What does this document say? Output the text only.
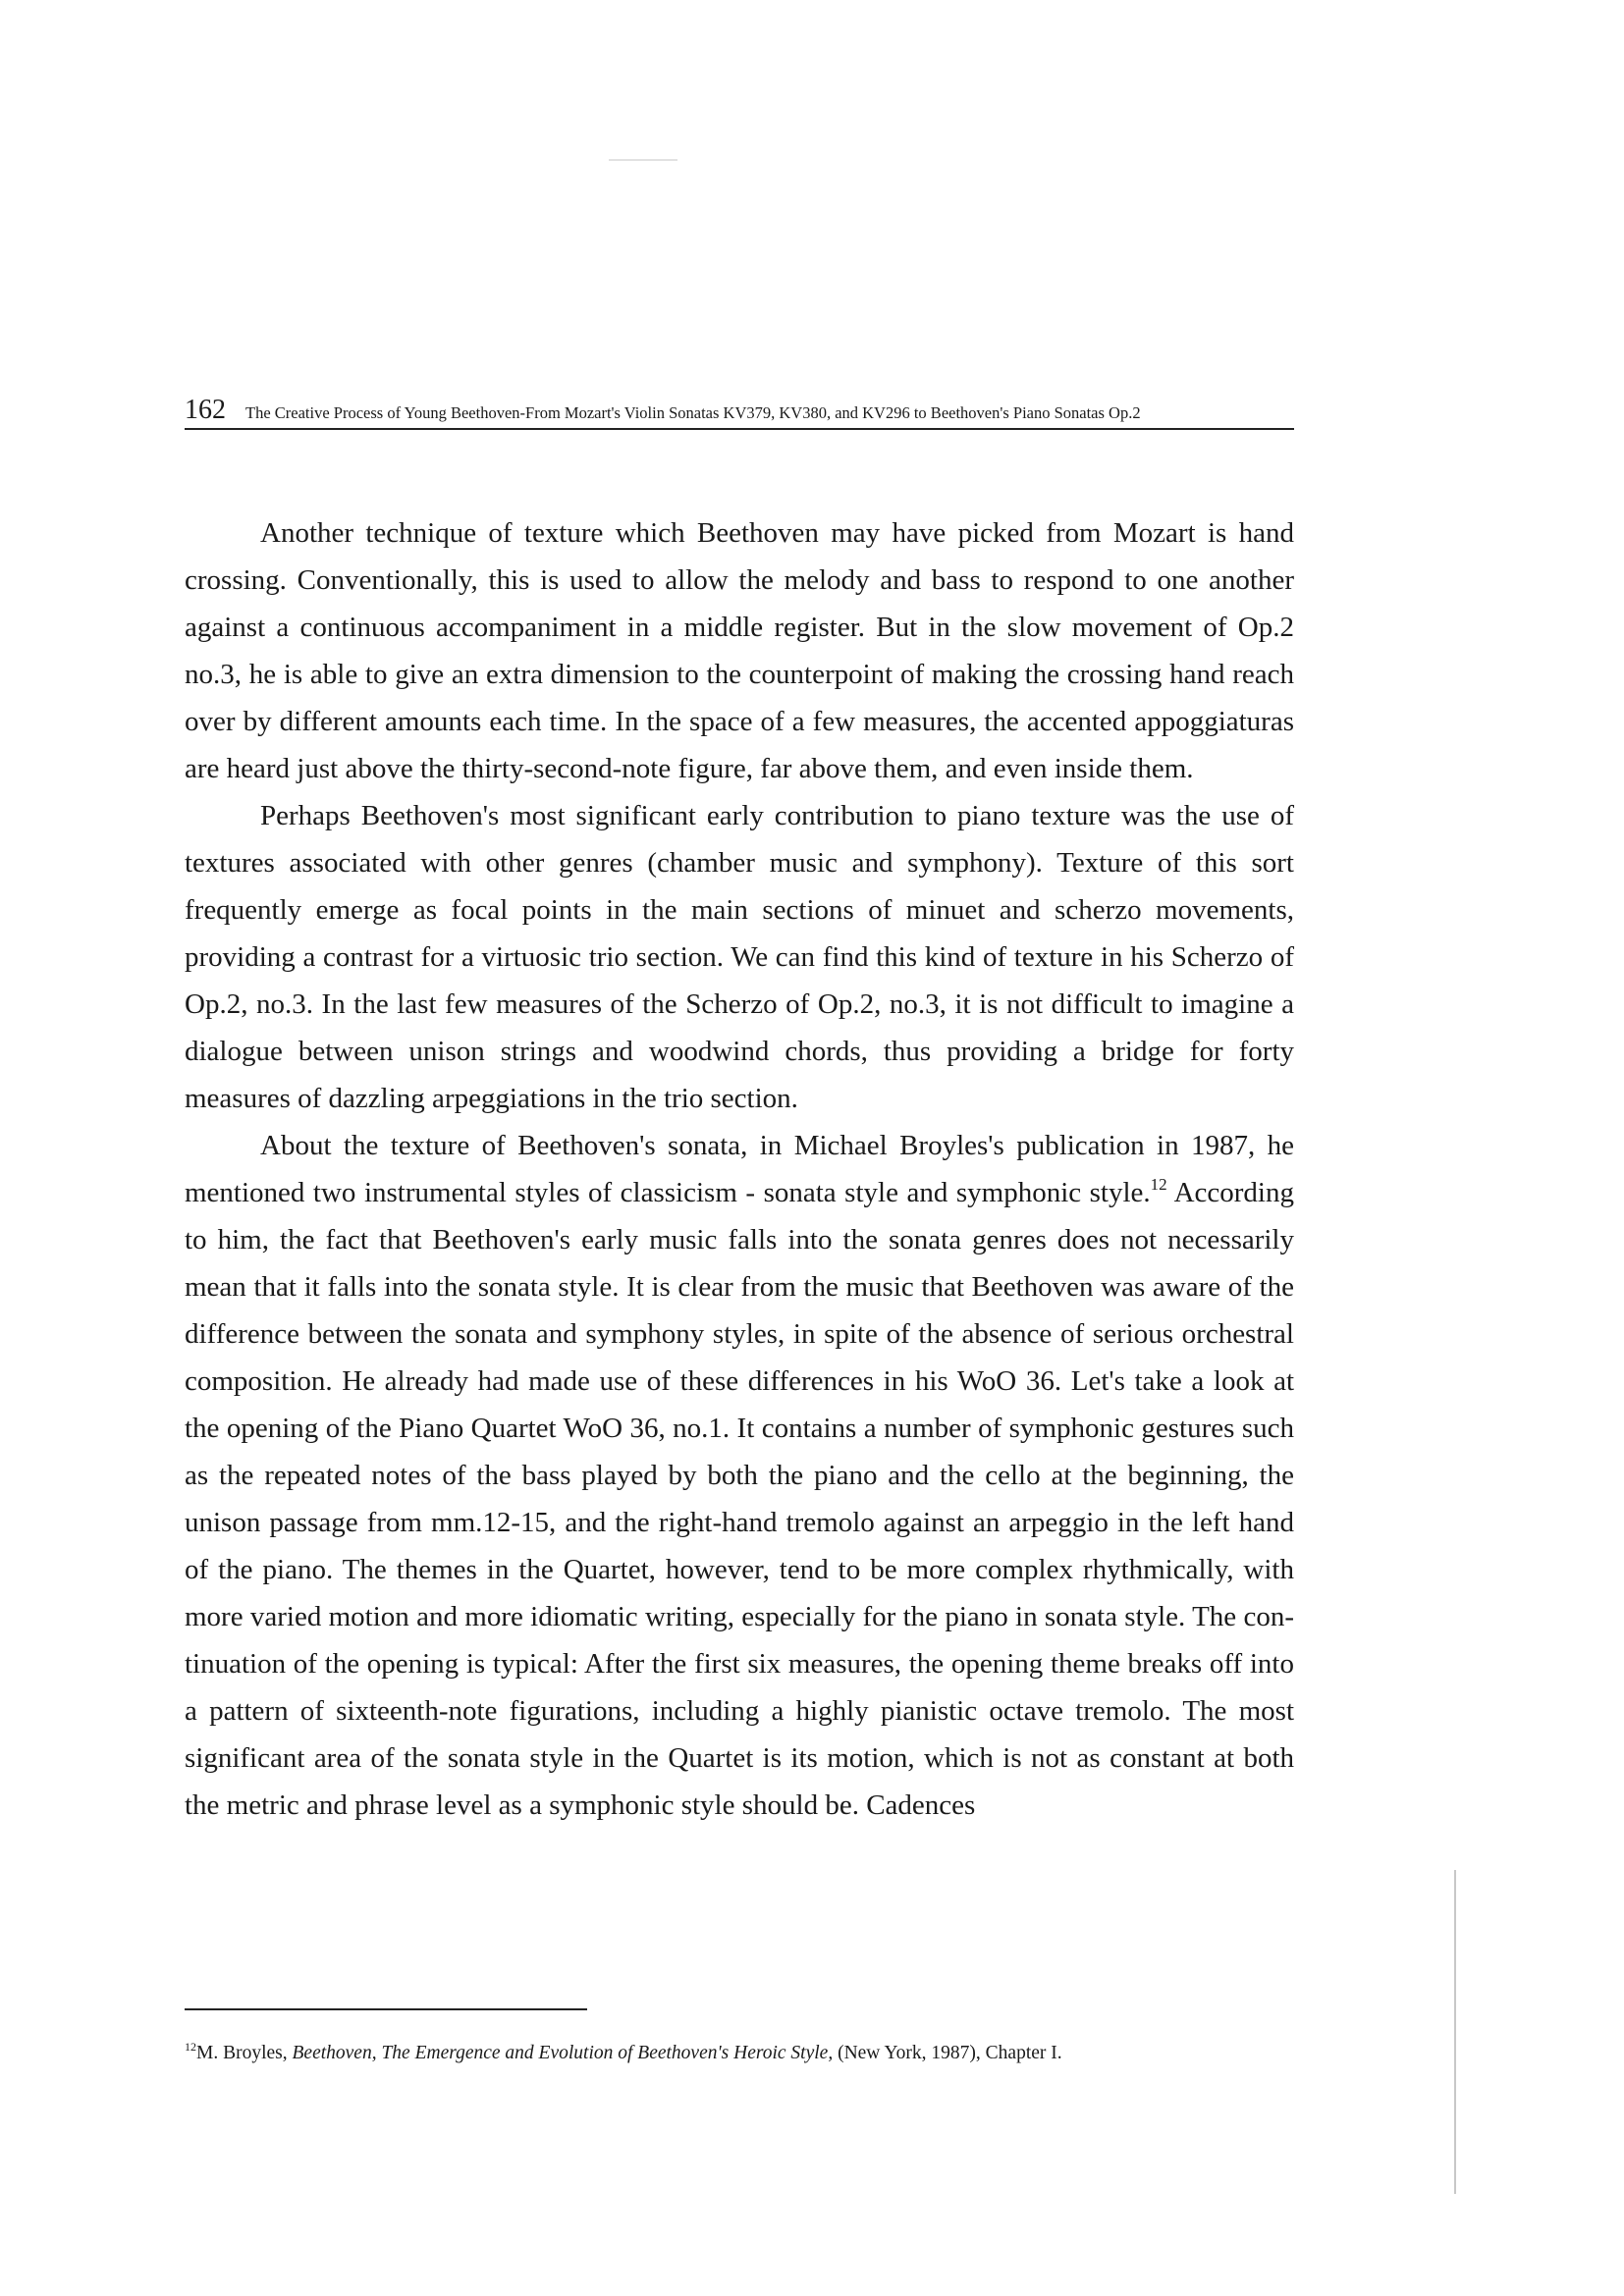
162 The Creative Process of Young Beethoven-From Mozart's Violin Sonatas KV379, KV380, and KV296 to Beethoven's Piano Sonatas Op.2

Another technique of texture which Beethoven may have picked from Mozart is hand crossing. Conventionally, this is used to allow the melody and bass to respond to one another against a continuous accompaniment in a middle register. But in the slow movement of Op.2 no.3, he is able to give an extra dimension to the counterpoint of making the crossing hand reach over by different amounts each time. In the space of a few measures, the accented appoggiaturas are heard just above the thirty-second-note figure, far above them, and even inside them.

Perhaps Beethoven's most significant early contribution to piano texture was the use of textures associated with other genres (chamber music and symphony). Texture of this sort frequently emerge as focal points in the main sections of minuet and scherzo movements, providing a contrast for a virtuosic trio section. We can find this kind of texture in his Scherzo of Op.2, no.3. In the last few measures of the Scherzo of Op.2, no.3, it is not difficult to imagine a dialogue between unison strings and woodwind chords, thus providing a bridge for forty measures of dazzling arpeggiations in the trio section.

About the texture of Beethoven's sonata, in Michael Broyles's publication in 1987, he mentioned two instrumental styles of classicism - sonata style and symphonic style.$^{12}$ According to him, the fact that Beethoven's early music falls into the sonata genres does not necessarily mean that it falls into the sonata style. It is clear from the music that Beethoven was aware of the difference between the sonata and symphony styles, in spite of the absence of serious orchestral composition. He already had made use of these differences in his WoO 36. Let's take a look at the opening of the Piano Quartet WoO 36, no.1. It contains a number of symphonic gestures such as the repeated notes of the bass played by both the piano and the cello at the beginning, the unison passage from mm.12-15, and the right-hand tremolo against an arpeggio in the left hand of the piano. The themes in the Quartet, however, tend to be more complex rhythmically, with more varied motion and more idiomatic writing, especially for the piano in sonata style. The continuation of the opening is typical: After the first six measures, the opening theme breaks off into a pattern of sixteenth-note figurations, including a highly pianistic octave tremolo. The most significant area of the sonata style in the Quartet is its motion, which is not as constant at both the metric and phrase level as a symphonic style should be. Cadences

$^{12}$M. Broyles, Beethoven, The Emergence and Evolution of Beethoven's Heroic Style, (New York, 1987), Chapter I.
